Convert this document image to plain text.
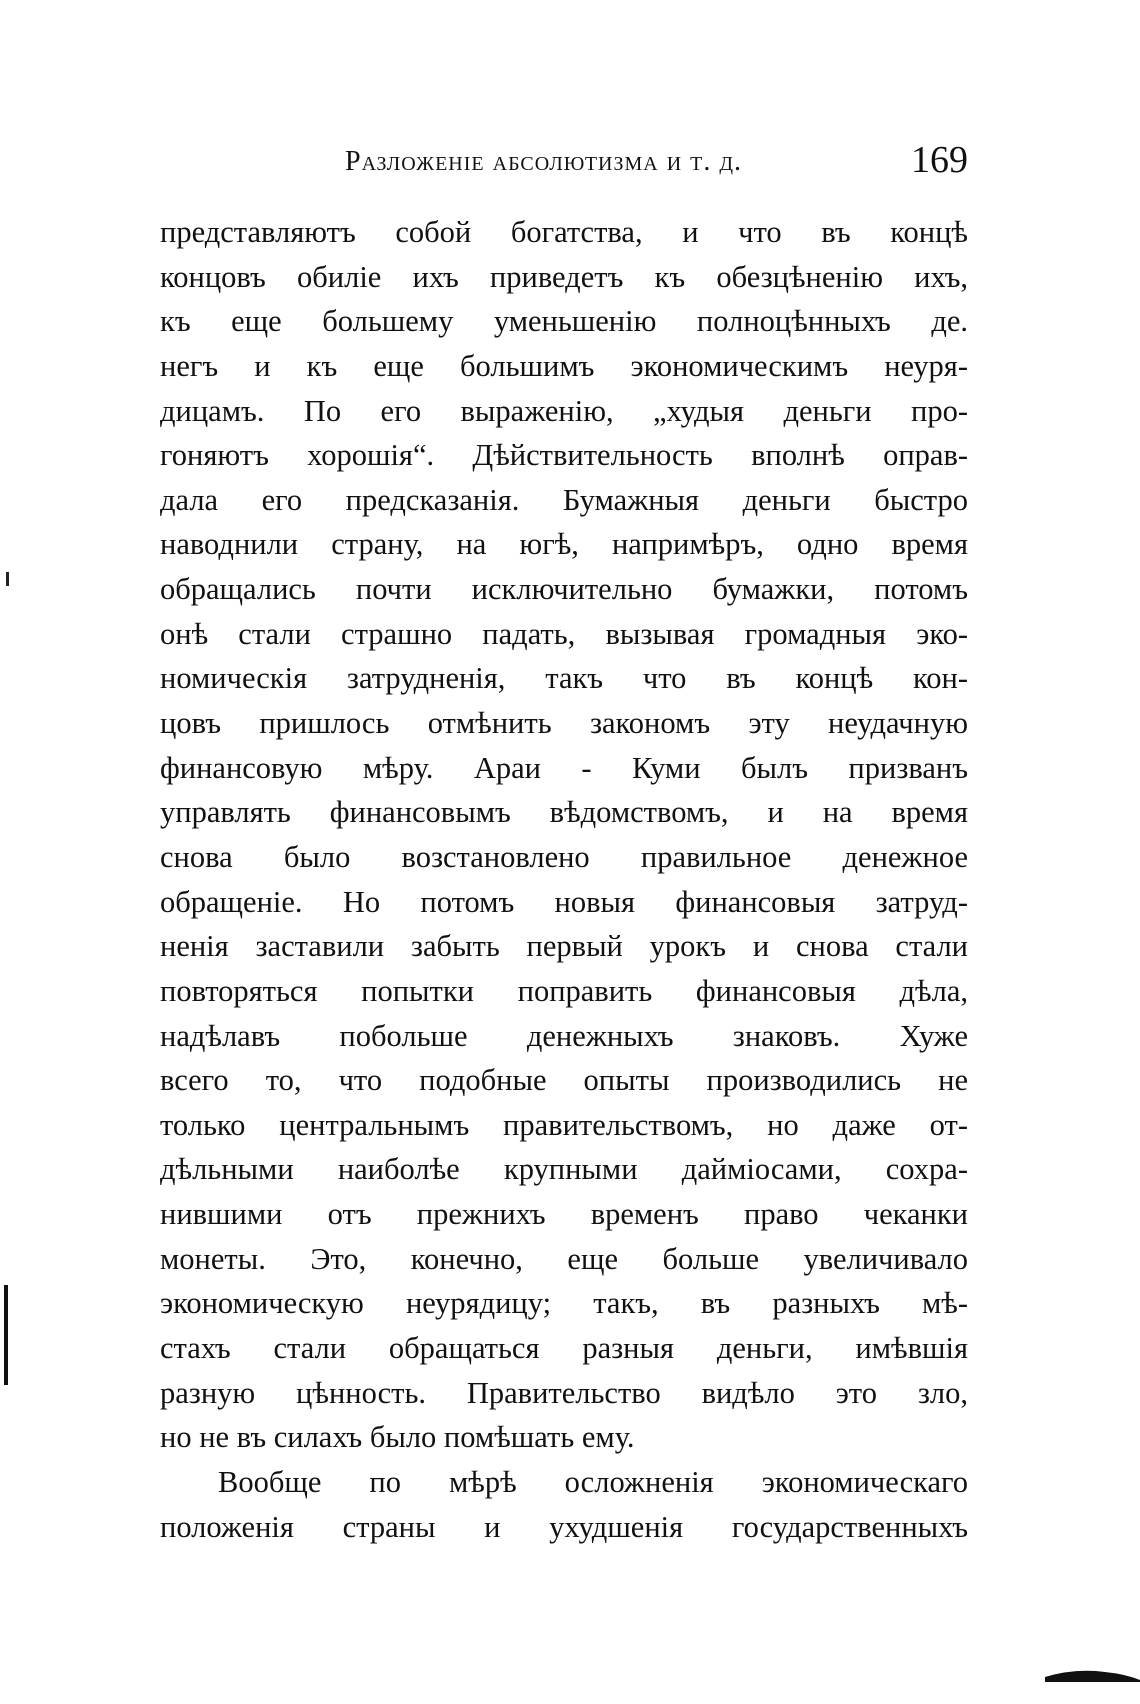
Разложеніе абсолютизма и т. д.	169
представляютъ собой богатства, и что въ концѣ
концовъ обиліе ихъ приведетъ къ обезцѣненію ихъ,
къ еще большему уменьшенію полноцѣнныхъ де.
негъ и къ еще большимъ экономическимъ неуря-
дицамъ. По его выраженію, „худыя деньги про-
гоняютъ хорошія“. Дѣйствительность вполнѣ оправ-
дала его предсказанія. Бумажныя деньги быстро
наводнили страну, на югѣ, напримѣръ, одно время
обращались почти исключительно бумажки, потомъ
онѣ стали страшно падать, вызывая громадныя эко-
номическія затрудненія, такъ что въ концѣ кон-
цовъ пришлось отмѣнить закономъ эту неудачную
финансовую мѣру. Араи - Куми былъ призванъ
управлять финансовымъ вѣдомствомъ, и на время
снова было возстановлено правильное денежное
обращеніе. Но потомъ новыя финансовыя затруд-
ненія заставили забыть первый урокъ и снова стали
повторяться попытки поправить финансовыя дѣла,
надѣлавъ побольше денежныхъ знаковъ. Хуже
всего то, что подобные опыты производились не
только центральнымъ правительствомъ, но даже от-
дѣльными наиболѣе крупными дайміосами, сохра-
нившими отъ прежнихъ временъ право чеканки
монеты. Это, конечно, еще больше увеличивало
экономическую неурядицу; такъ, въ разныхъ мѣ-
стахъ стали обращаться разныя деньги, имѣвшія
разную цѣнность. Правительство видѣло это зло,
но не въ силахъ было помѣшать ему.
Вообще по мѣрѣ осложненія экономическаго
положенія страны и ухудшенія государственныхъ
